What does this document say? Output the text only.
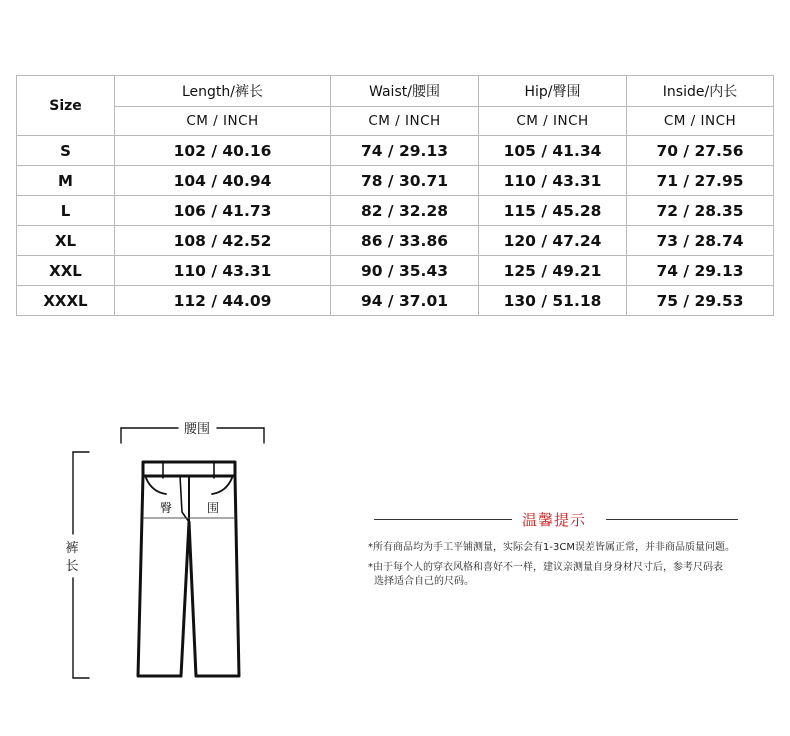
Size	Length/裤长	Waist/腰围	Hip/臀围	Inside/内长
	CM / INCH	CM / INCH	CM / INCH	CM / INCH
S	102 / 40.16	74 / 29.13	105 / 41.34	70 / 27.56
M	104 / 40.94	78 / 30.71	110 / 43.31	71 / 27.95
L	106 / 41.73	82 / 32.28	115 / 45.28	72 / 28.35
XL	108 / 42.52	86 / 33.86	120 / 47.24	73 / 28.74
XXL	110 / 43.31	90 / 35.43	125 / 49.21	74 / 29.13
XXXL	112 / 44.09	94 / 37.01	130 / 51.18	75 / 29.53
腰围
裤长
臀	围
温馨提示
*所有商品均为手工平铺测量，实际会有1-3CM误差皆属正常，并非商品质量问题。
*由于每个人的穿衣风格和喜好不一样，建议亲测量自身身材尺寸后，参考尺码表
选择适合自己的尺码。
